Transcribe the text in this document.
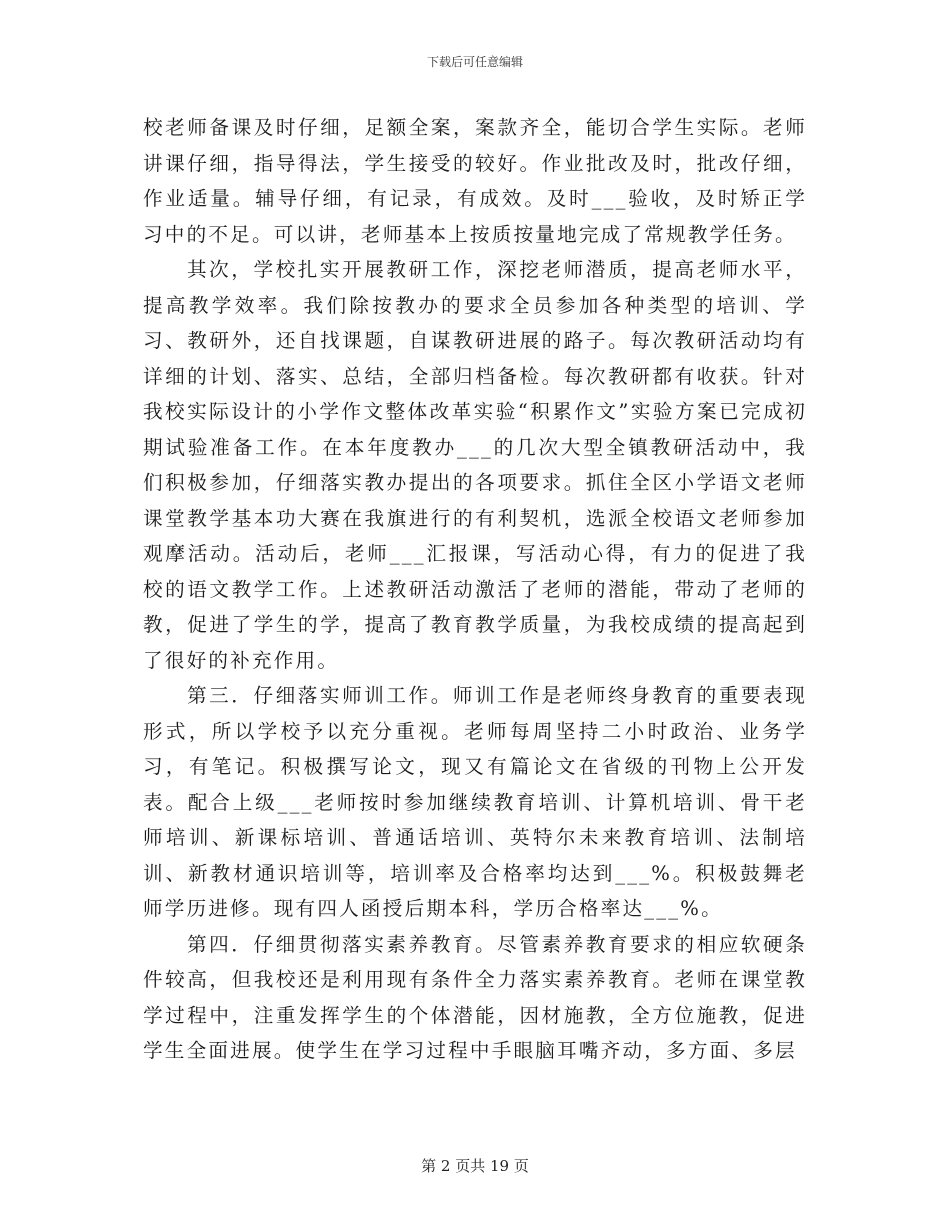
下载后可任意编辑

校老师备课及时仔细，足额全案，案款齐全，能切合学生实际。老师讲课仔细，指导得法，学生接受的较好。作业批改及时，批改仔细，作业适量。辅导仔细，有记录，有成效。及时___验收，及时矫正学习中的不足。可以讲，老师基本上按质按量地完成了常规教学任务。

其次，学校扎实开展教研工作，深挖老师潜质，提高老师水平，提高教学效率。我们除按教办的要求全员参加各种类型的培训、学习、教研外，还自找课题，自谋教研进展的路子。每次教研活动均有详细的计划、落实、总结，全部归档备检。每次教研都有收获。针对我校实际设计的小学作文整体改革实验“积累作文”实验方案已完成初期试验准备工作。在本年度教办___的几次大型全镇教研活动中，我们积极参加，仔细落实教办提出的各项要求。抓住全区小学语文老师课堂教学基本功大赛在我旗进行的有利契机，选派全校语文老师参加观摩活动。活动后，老师___汇报课，写活动心得，有力的促进了我校的语文教学工作。上述教研活动激活了老师的潜能，带动了老师的教，促进了学生的学，提高了教育教学质量，为我校成绩的提高起到了很好的补充作用。

第三．仔细落实师训工作。师训工作是老师终身教育的重要表现形式，所以学校予以充分重视。老师每周坚持二小时政治、业务学习，有笔记。积极撰写论文，现又有篇论文在省级的刊物上公开发表。配合上级___老师按时参加继续教育培训、计算机培训、骨干老师培训、新课标培训、普通话培训、英特尔未来教育培训、法制培训、新教材通识培训等，培训率及合格率均达到___%。积极鼓舞老师学历进修。现有四人函授后期本科，学历合格率达___%。

第四．仔细贯彻落实素养教育。尽管素养教育要求的相应软硬条件较高，但我校还是利用现有条件全力落实素养教育。老师在课堂教学过程中，注重发挥学生的个体潜能，因材施教，全方位施教，促进学生全面进展。使学生在学习过程中手眼脑耳嘴齐动，多方面、多层

第 2 页共 19 页
